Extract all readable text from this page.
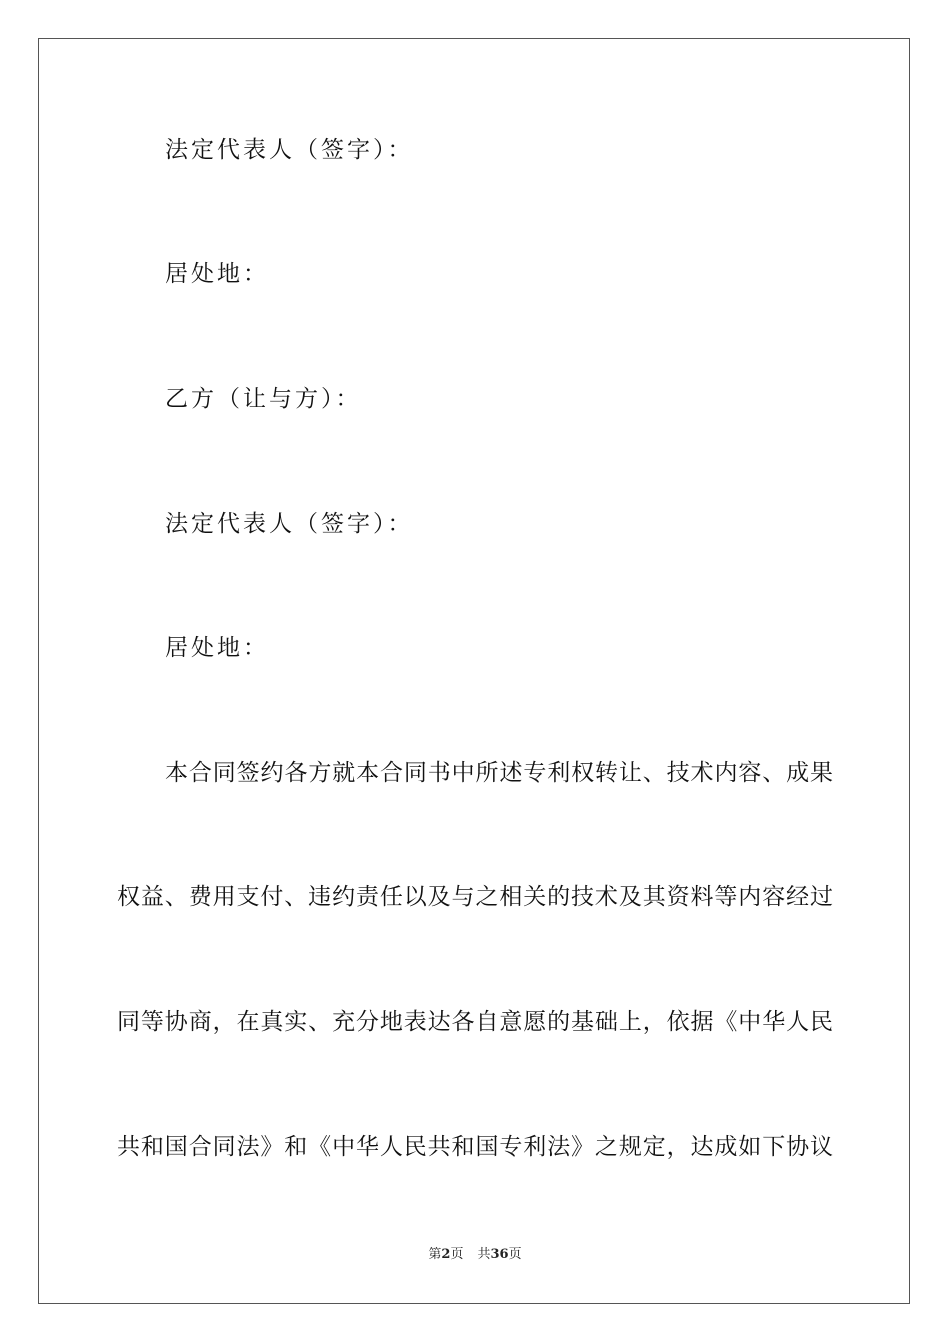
法定代表人（签字）：
居处地：
乙方（让与方）：
法定代表人（签字）：
居处地：
本合同签约各方就本合同书中所述专利权转让、技术内容、成果
权益、费用支付、违约责任以及与之相关的技术及其资料等内容经过
同等协商，在真实、充分地表达各自意愿的基础上，依据《中华人民
共和国合同法》和《中华人民共和国专利法》之规定，达成如下协议
第2页 共36页
